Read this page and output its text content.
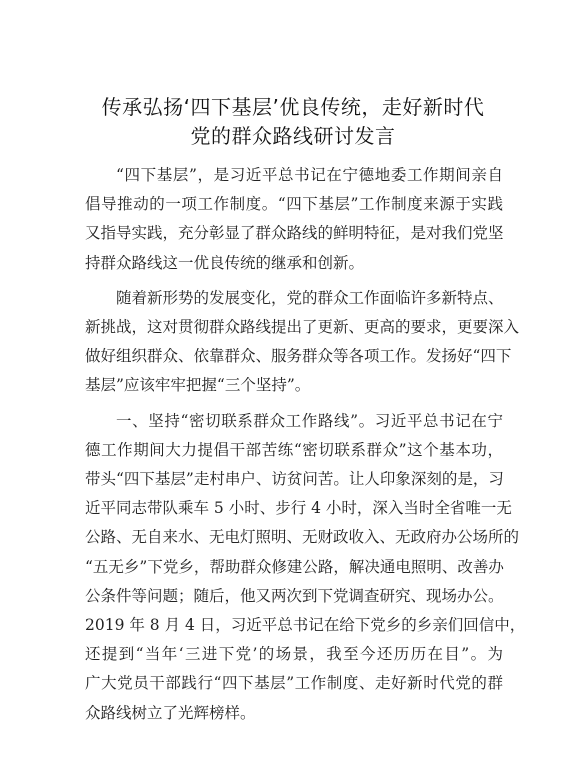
传承弘扬‘四下基层’优良传统，走好新时代
党的群众路线研讨发言
“四下基层”，是习近平总书记在宁德地委工作期间亲自
倡导推动的一项工作制度。“四下基层”工作制度来源于实践
又指导实践，充分彰显了群众路线的鲜明特征，是对我们党坚
持群众路线这一优良传统的继承和创新。
随着新形势的发展变化，党的群众工作面临许多新特点、
新挑战，这对贯彻群众路线提出了更新、更高的要求，更要深入
做好组织群众、依靠群众、服务群众等各项工作。发扬好“四下
基层”应该牢牢把握“三个坚持”。
一、坚持“密切联系群众工作路线”。习近平总书记在宁
德工作期间大力提倡干部苦练“密切联系群众”这个基本功，
带头“四下基层”走村串户、访贫问苦。让人印象深刻的是，习
近平同志带队乘车 5 小时、步行 4 小时，深入当时全省唯一无
公路、无自来水、无电灯照明、无财政收入、无政府办公场所的
“五无乡”下党乡，帮助群众修建公路，解决通电照明、改善办
公条件等问题；随后，他又两次到下党调查研究、现场办公。
2019 年 8 月 4 日，习近平总书记在给下党乡的乡亲们回信中，
还提到“当年‘三进下党’的场景，我至今还历历在目”。为
广大党员干部践行“四下基层”工作制度、走好新时代党的群
众路线树立了光辉榜样。
